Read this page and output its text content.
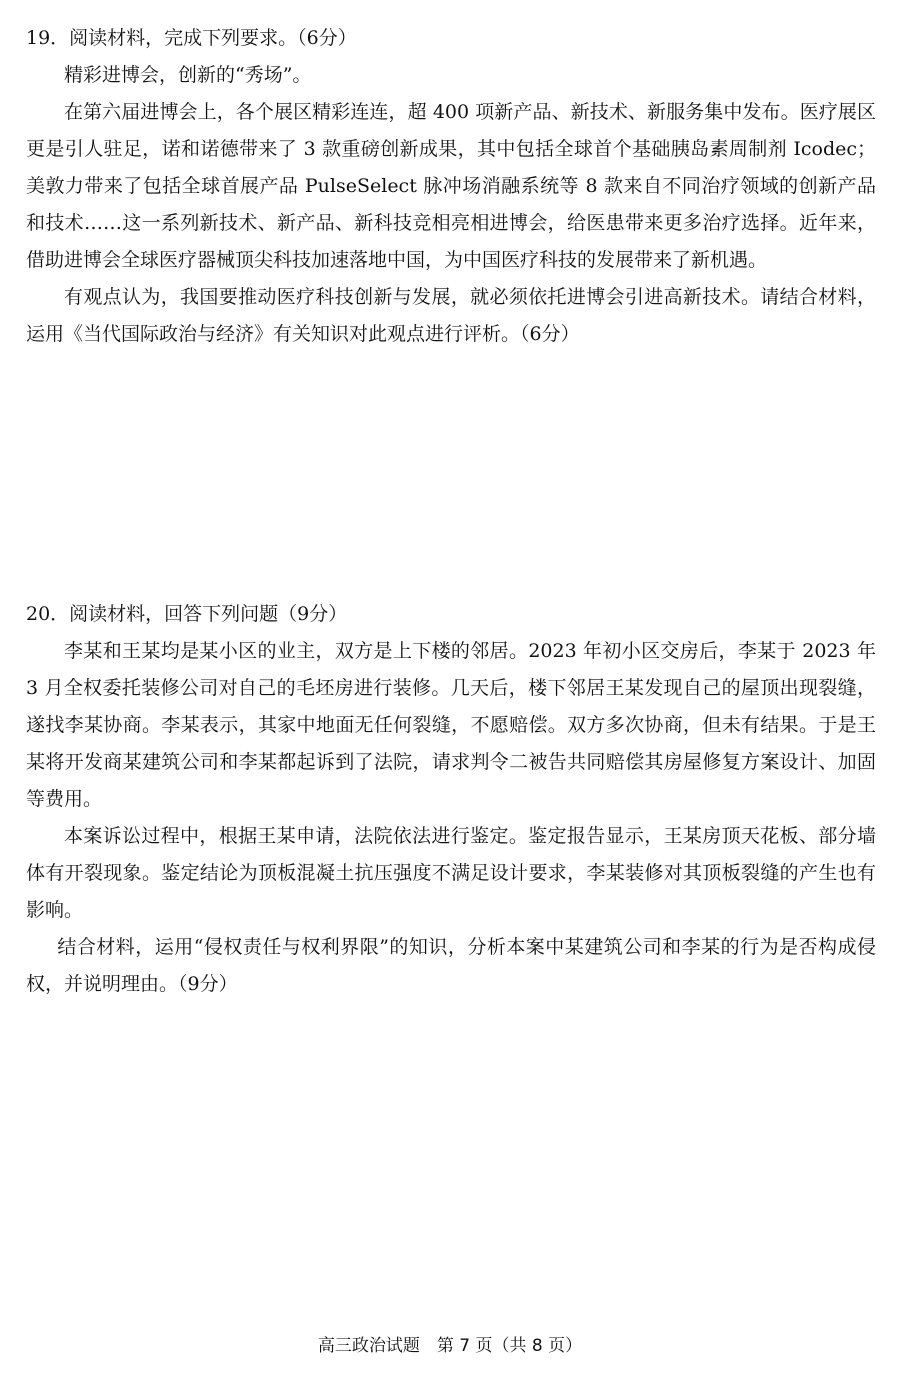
19．阅读材料，完成下列要求。（6分）

精彩进博会，创新的“秀场”。

在第六届进博会上，各个展区精彩连连，超 400 项新产品、新技术、新服务集中发布。医疗展区更是引人驻足，诺和诺德带来了 3 款重磅创新成果，其中包括全球首个基础胰岛素周制剂 Icodec；美敦力带来了包括全球首展产品 PulseSelect 脉冲场消融系统等 8 款来自不同治疗领域的创新产品和技术……这一系列新技术、新产品、新科技竞相亮相进博会，给医患带来更多治疗选择。近年来，借助进博会全球医疗器械顶尖科技加速落地中国，为中国医疗科技的发展带来了新机遇。

有观点认为，我国要推动医疗科技创新与发展，就必须依托进博会引进高新技术。请结合材料，运用《当代国际政治与经济》有关知识对此观点进行评析。（6分）

20．阅读材料，回答下列问题（9分）

李某和王某均是某小区的业主，双方是上下楼的邻居。2023 年初小区交房后，李某于 2023 年 3 月全权委托装修公司对自己的毛坯房进行装修。几天后，楼下邻居王某发现自己的屋顶出现裂缝，遂找李某协商。李某表示，其家中地面无任何裂缝，不愿赔偿。双方多次协商，但未有结果。于是王某将开发商某建筑公司和李某都起诉到了法院，请求判令二被告共同赔偿其房屋修复方案设计、加固等费用。

本案诉讼过程中，根据王某申请，法院依法进行鉴定。鉴定报告显示，王某房顶天花板、部分墙体有开裂现象。鉴定结论为顶板混凝土抗压强度不满足设计要求，李某装修对其顶板裂缝的产生也有影响。

结合材料，运用“侵权责任与权利界限”的知识，分析本案中某建筑公司和李某的行为是否构成侵权，并说明理由。（9分）

高三政治试题　第 7 页（共 8 页）
